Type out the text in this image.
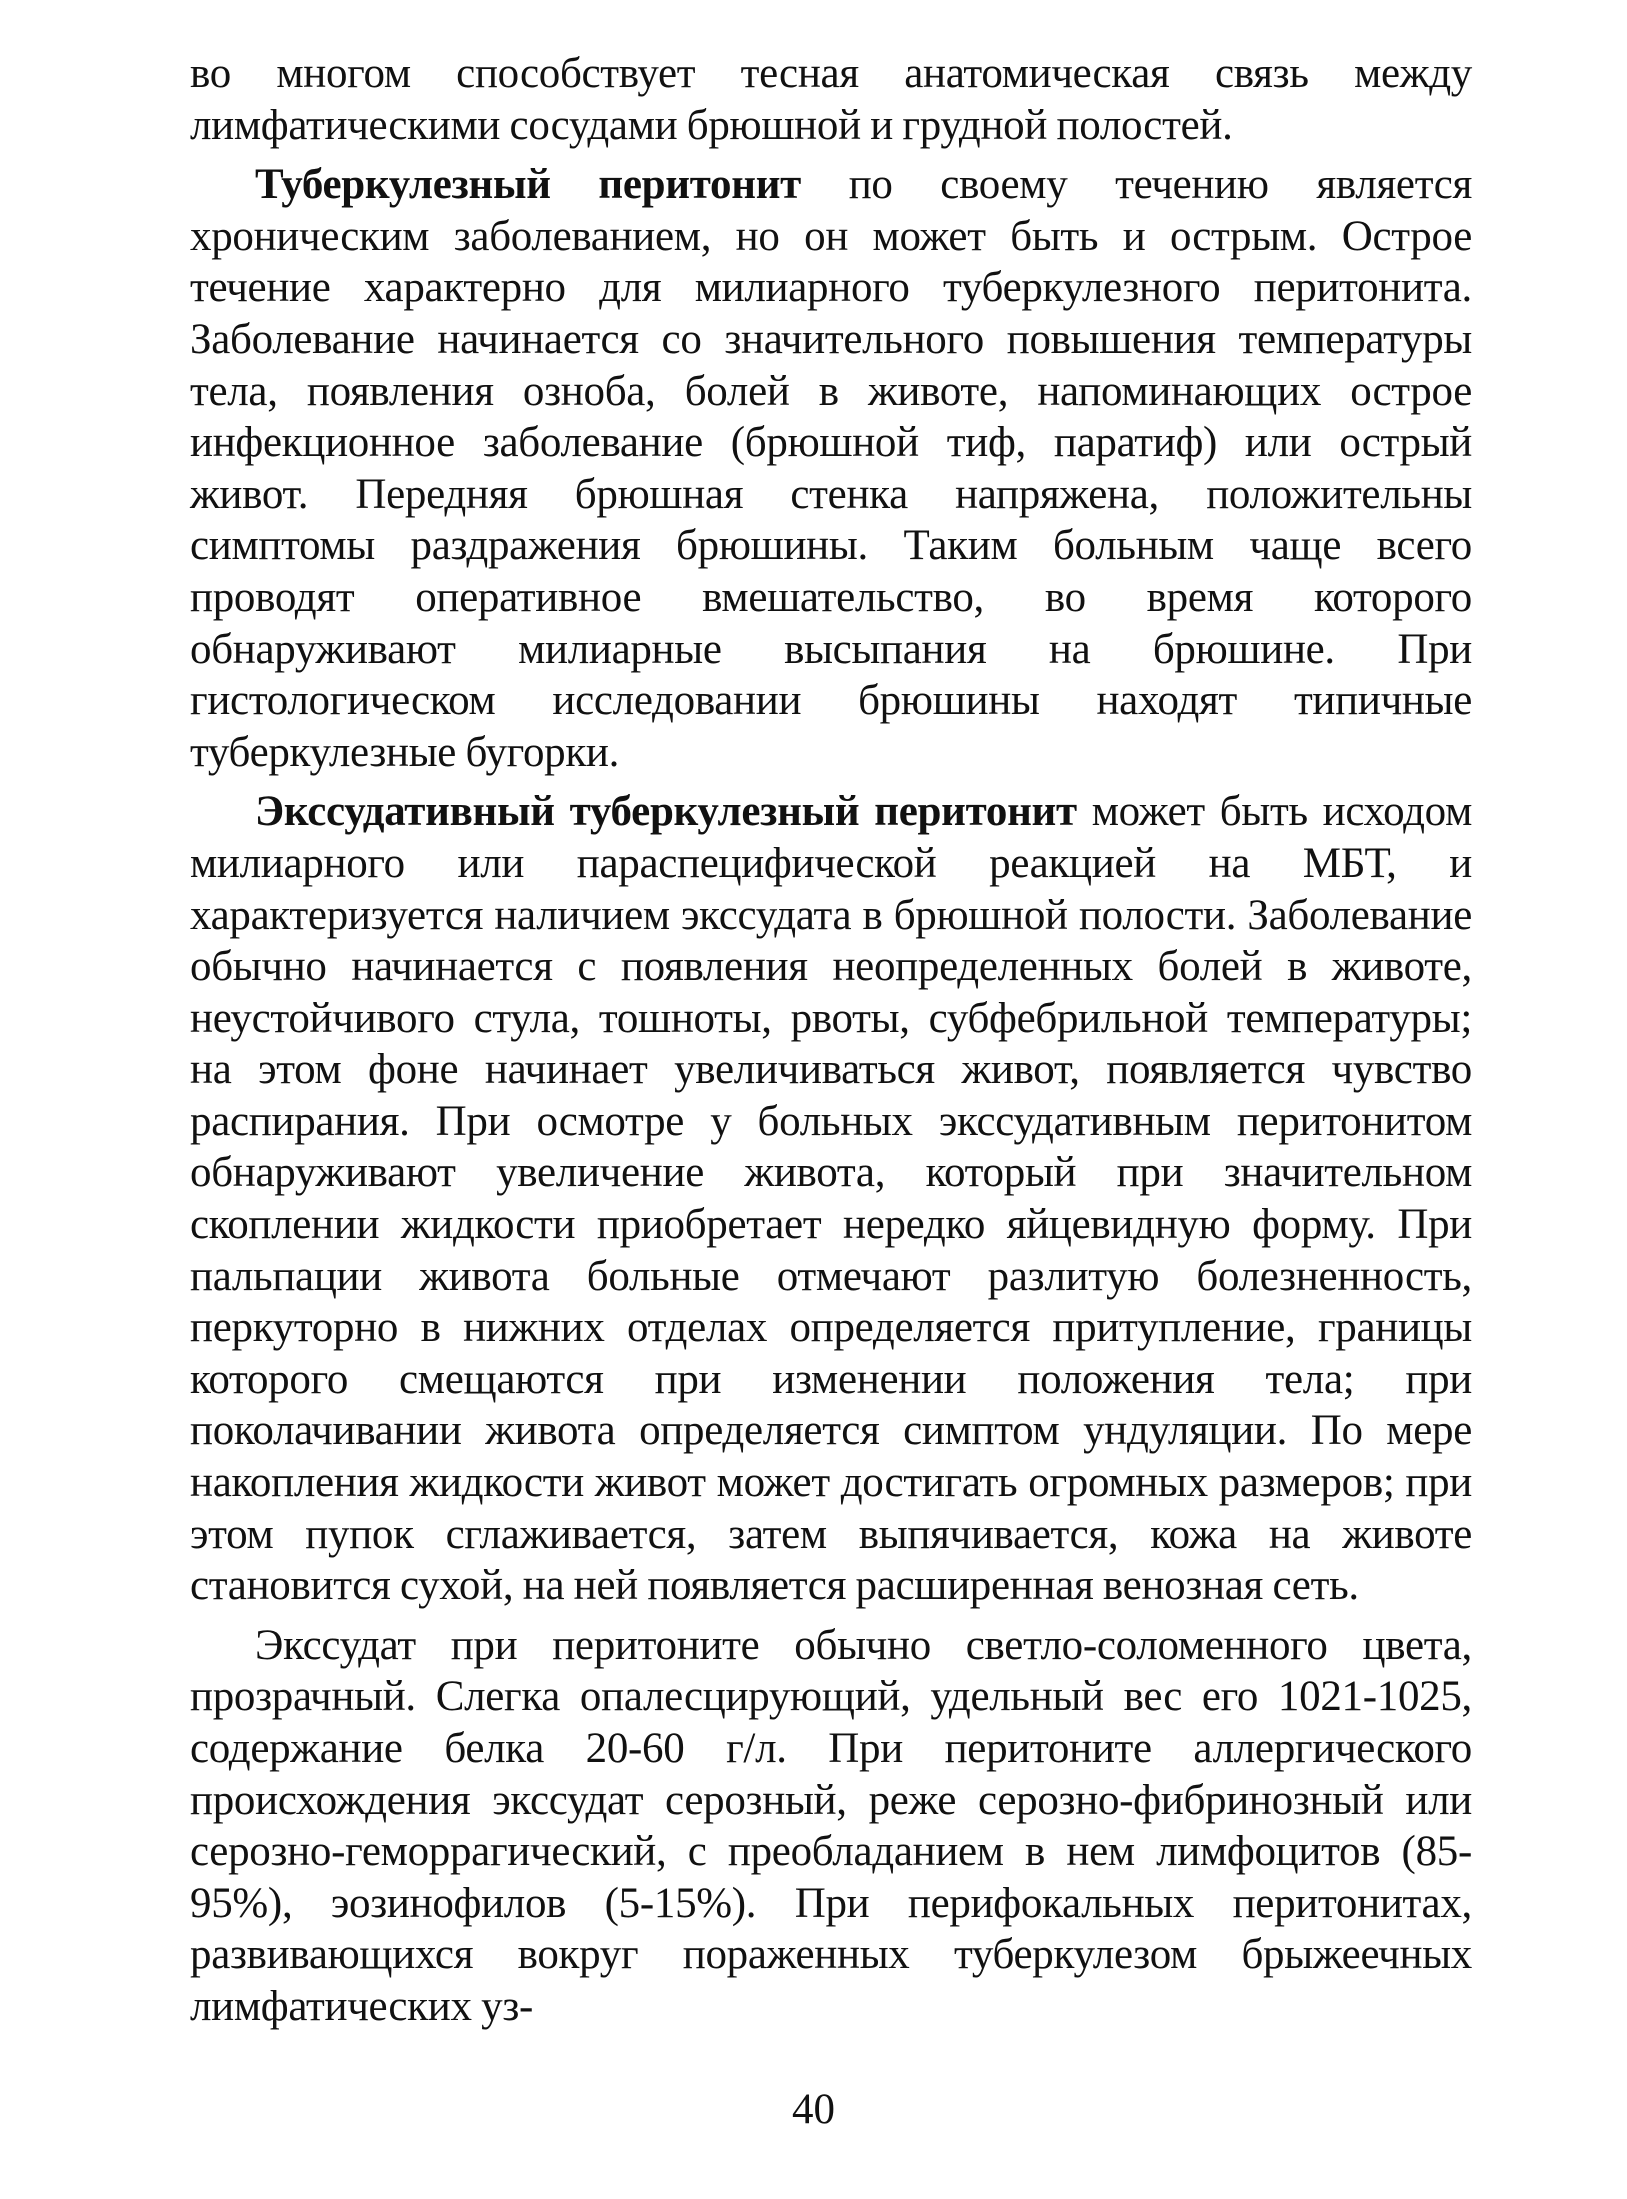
во многом способствует тесная анатомическая связь между лимфатическими сосудами брюшной и грудной полостей.

Туберкулезный перитонит по своему течению является хроническим заболеванием, но он может быть и острым. Острое течение характерно для милиарного туберкулезного перитонита. Заболевание начинается со значительного повышения температуры тела, появления озноба, болей в животе, напоминающих острое инфекционное заболевание (брюшной тиф, паратиф) или острый живот. Передняя брюшная стенка напряжена, положительны симптомы раздражения брюшины. Таким больным чаще всего проводят оперативное вмешательство, во время которого обнаруживают милиарные высыпания на брюшине. При гистологическом исследовании брюшины находят типичные туберкулезные бугорки.

Экссудативный туберкулезный перитонит может быть исходом милиарного или параспецифической реакцией на МБТ, и характеризуется наличием экссудата в брюшной полости. Заболевание обычно начинается с появления неопределенных болей в животе, неустойчивого стула, тошноты, рвоты, субфебрильной температуры; на этом фоне начинает увеличиваться живот, появляется чувство распирания. При осмотре у больных экссудативным перитонитом обнаруживают увеличение живота, который при значительном скоплении жидкости приобретает нередко яйцевидную форму. При пальпации живота больные отмечают разлитую болезненность, перкуторно в нижних отделах определяется притупление, границы которого смещаются при изменении положения тела; при поколачивании живота определяется симптом ундуляции. По мере накопления жидкости живот может достигать огромных размеров; при этом пупок сглаживается, затем выпячивается, кожа на животе становится сухой, на ней появляется расширенная венозная сеть.

Экссудат при перитоните обычно светло-соломенного цвета, прозрачный. Слегка опалесцирующий, удельный вес его 1021-1025, содержание белка 20-60 г/л. При перитоните аллергического происхождения экссудат серозный, реже серозно-фибринозный или серозно-геморрагический, с преобладанием в нем лимфоцитов (85-95%), эозинофилов (5-15%). При перифокальных перитонитах, развивающихся вокруг пораженных туберкулезом брыжеечных лимфатических уз-

40
